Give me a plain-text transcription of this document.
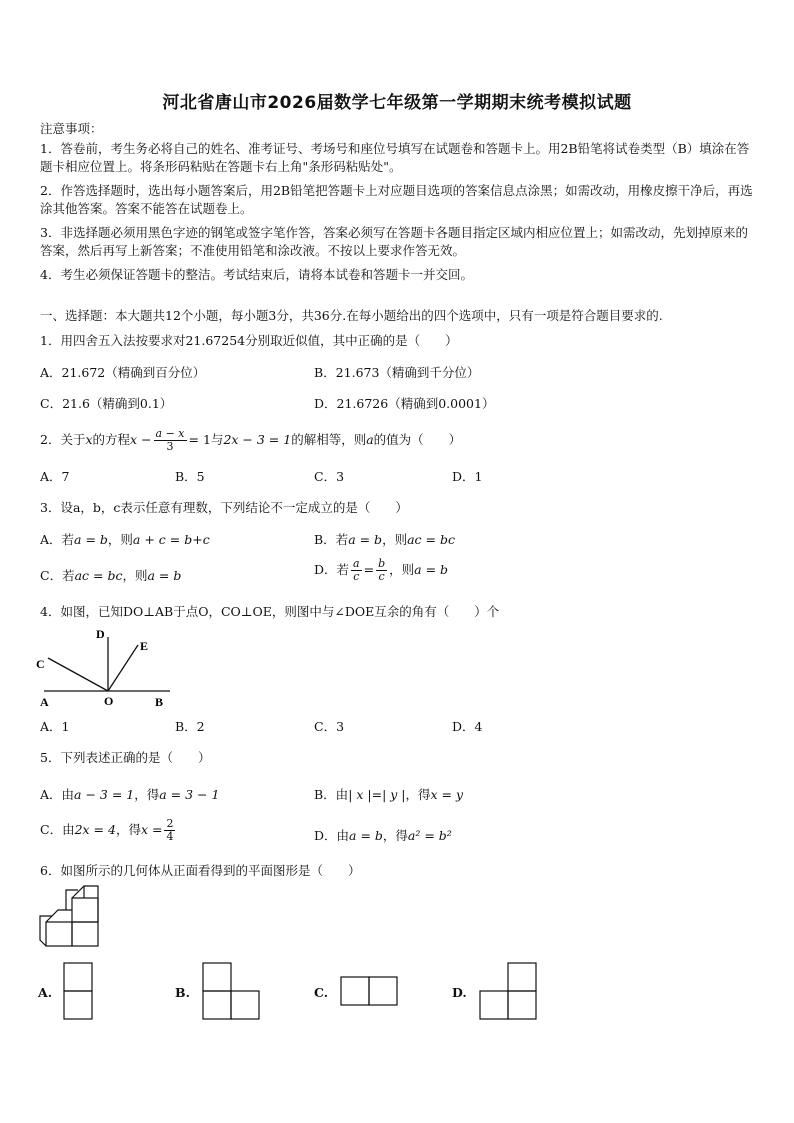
河北省唐山市2026届数学七年级第一学期期末统考模拟试题
注意事项：
1．答卷前，考生务必将自己的姓名、准考证号、考场号和座位号填写在试题卷和答题卡上。用2B铅笔将试卷类型（B）填涂在答题卡相应位置上。将条形码粘贴在答题卡右上角"条形码粘贴处"。
2．作答选择题时，选出每小题答案后，用2B铅笔把答题卡上对应题目选项的答案信息点涂黑；如需改动，用橡皮擦干净后，再选涂其他答案。答案不能答在试题卷上。
3．非选择题必须用黑色字迹的钢笔或签字笔作答，答案必须写在答题卡各题目指定区域内相应位置上；如需改动，先划掉原来的答案，然后再写上新答案；不准使用铅笔和涂改液。不按以上要求作答无效。
4．考生必须保证答题卡的整洁。考试结束后，请将本试卷和答题卡一并交回。
一、选择题：本大题共12个小题，每小题3分，共36分.在每小题给出的四个选项中，只有一项是符合题目要求的.
1．用四舍五入法按要求对21.67254分别取近似值，其中正确的是（　　）
A．21.672（精确到百分位）	B．21.673（精确到千分位）
C．21.6（精确到0.1）	D．21.6726（精确到0.0001）
2．关于x的方程$x - \frac{a - x}{3} = 1$与2x − 3 = 1的解相等，则a的值为（　　）
A．7	B．5	C．3	D．1
3．设a，b，c表示任意有理数，下列结论不一定成立的是（　　）
A．若a = b，则a + c = b+c	B．若a = b，则ac = bc
C．若ac = bc，则a = b	D．若 $\frac{a}{c} = \frac{b}{c}$ ，则a = b
4．如图，已知DO⊥AB于点O，CO⊥OE，则图中与∠DOE互余的角有（　　）个
D
E
C
A	O	B
A．1	B．2	C．3	D．4
5．下列表述正确的是（　　）
A．由a − 3 = 1，得a = 3 − 1	B．由| x |=| y |，得x = y
C．由2x = 4，得$x = \frac{2}{4}$	D．由a = b，得a² = b²
6．如图所示的几何体从正面看得到的平面图形是（　　）
A.	B.	C.	D.
